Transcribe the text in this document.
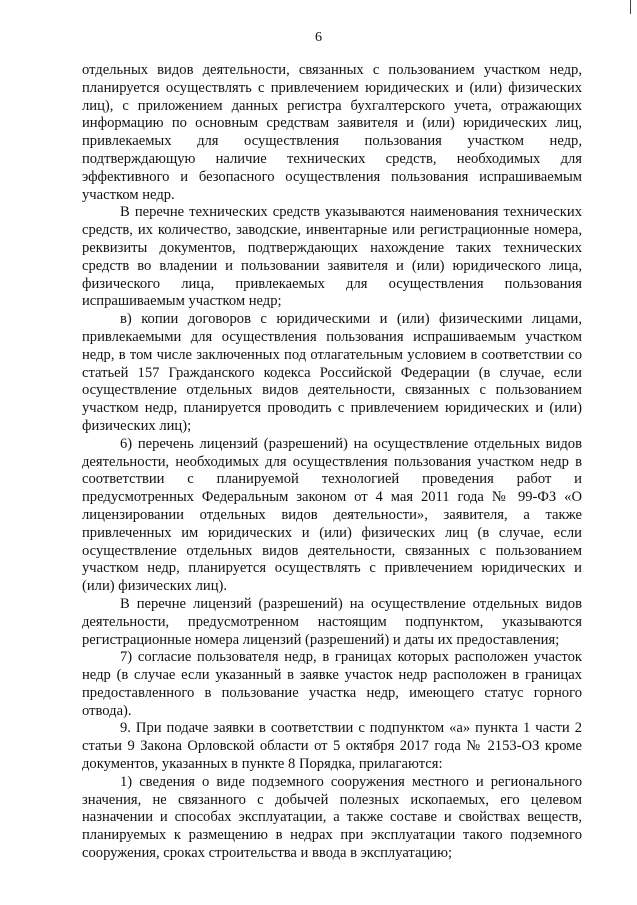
6

отдельных видов деятельности, связанных с пользованием участком недр, планируется осуществлять с привлечением юридических и (или) физических лиц), с приложением данных регистра бухгалтерского учета, отражающих информацию по основным средствам заявителя и (или) юридических лиц, привлекаемых для осуществления пользования участком недр, подтверждающую наличие технических средств, необходимых для эффективного и безопасного осуществления пользования испрашиваемым участком недр.

В перечне технических средств указываются наименования технических средств, их количество, заводские, инвентарные или регистрационные номера, реквизиты документов, подтверждающих нахождение таких технических средств во владении и пользовании заявителя и (или) юридического лица, физического лица, привлекаемых для осуществления пользования испрашиваемым участком недр;

в) копии договоров с юридическими и (или) физическими лицами, привлекаемыми для осуществления пользования испрашиваемым участком недр, в том числе заключенных под отлагательным условием в соответствии со статьей 157 Гражданского кодекса Российской Федерации (в случае, если осуществление отдельных видов деятельности, связанных с пользованием участком недр, планируется проводить с привлечением юридических и (или) физических лиц);

6) перечень лицензий (разрешений) на осуществление отдельных видов деятельности, необходимых для осуществления пользования участком недр в соответствии с планируемой технологией проведения работ и предусмотренных Федеральным законом от 4 мая 2011 года № 99-ФЗ «О лицензировании отдельных видов деятельности», заявителя, а также привлеченных им юридических и (или) физических лиц (в случае, если осуществление отдельных видов деятельности, связанных с пользованием участком недр, планируется осуществлять с привлечением юридических и (или) физических лиц).

В перечне лицензий (разрешений) на осуществление отдельных видов деятельности, предусмотренном настоящим подпунктом, указываются регистрационные номера лицензий (разрешений) и даты их предоставления;

7) согласие пользователя недр, в границах которых расположен участок недр (в случае если указанный в заявке участок недр расположен в границах предоставленного в пользование участка недр, имеющего статус горного отвода).

9. При подаче заявки в соответствии с подпунктом «а» пункта 1 части 2 статьи 9 Закона Орловской области от 5 октября 2017 года № 2153-ОЗ кроме документов, указанных в пункте 8 Порядка, прилагаются:

1) сведения о виде подземного сооружения местного и регионального значения, не связанного с добычей полезных ископаемых, его целевом назначении и способах эксплуатации, а также составе и свойствах веществ, планируемых к размещению в недрах при эксплуатации такого подземного сооружения, сроках строительства и ввода в эксплуатацию;
